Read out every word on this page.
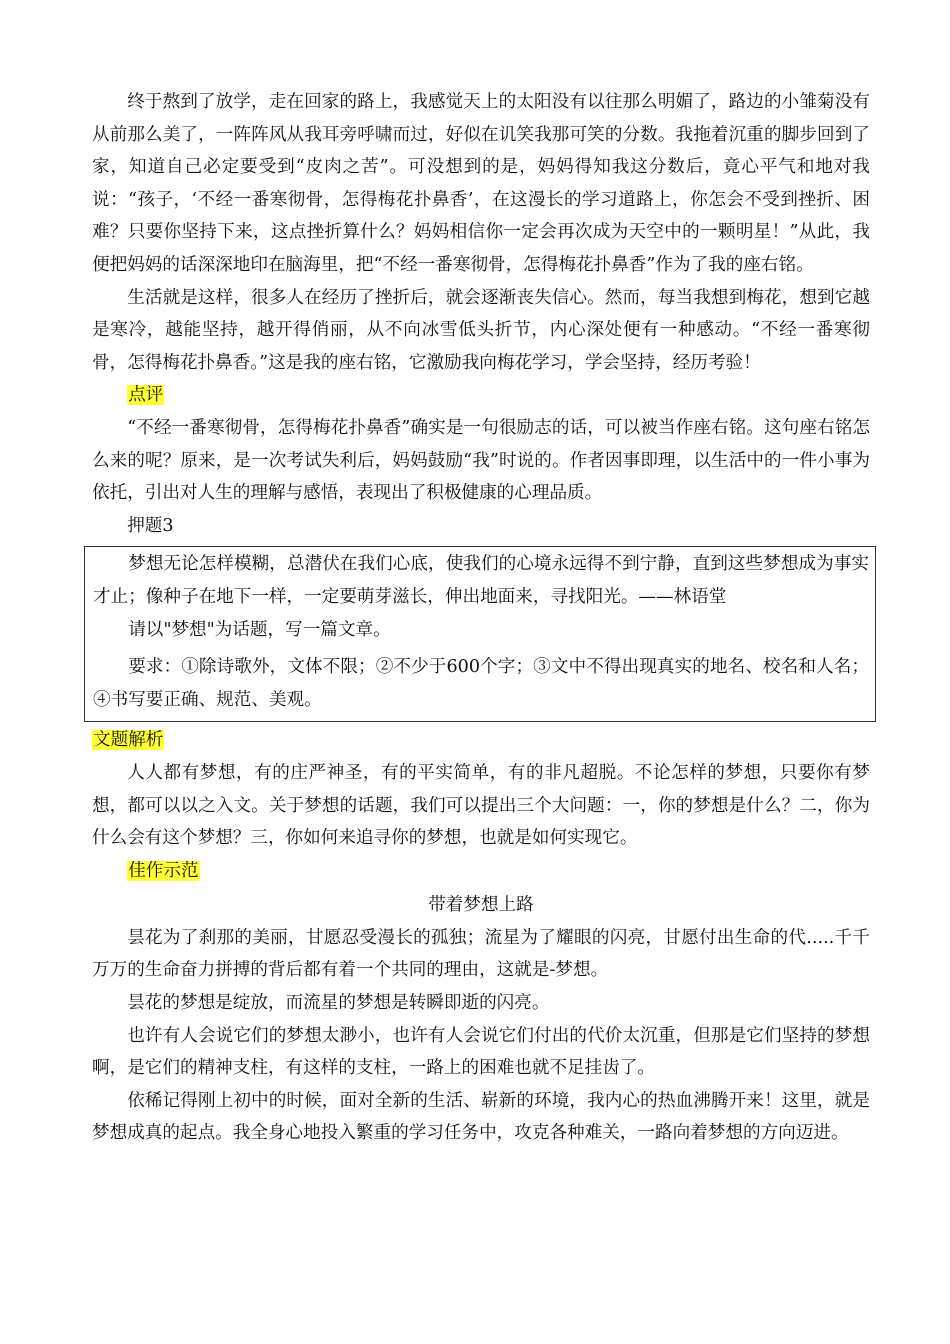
终于熬到了放学，走在回家的路上，我感觉天上的太阳没有以往那么明媚了，路边的小雏菊没有从前那么美了，一阵阵风从我耳旁呼啸而过，好似在讥笑我那可笑的分数。我拖着沉重的脚步回到了家，知道自己必定要受到“皮肉之苦”。可没想到的是，妈妈得知我这分数后，竟心平气和地对我说：“孩子，‘不经一番寒彻骨，怎得梅花扑鼻香’，在这漫长的学习道路上，你怎会不受到挫折、困难？只要你坚持下来，这点挫折算什么？妈妈相信你一定会再次成为天空中的一颗明星！”从此，我便把妈妈的话深深地印在脑海里，把“不经一番寒彻骨，怎得梅花扑鼻香”作为了我的座右铭。

生活就是这样，很多人在经历了挫折后，就会逐渐丧失信心。然而，每当我想到梅花，想到它越是寒冷，越能坚持，越开得俏丽，从不向冰雪低头折节，内心深处便有一种感动。“不经一番寒彻骨，怎得梅花扑鼻香。”这是我的座右铭，它激励我向梅花学习，学会坚持，经历考验！

点评

“不经一番寒彻骨，怎得梅花扑鼻香”确实是一句很励志的话，可以被当作座右铭。这句座右铭怎么来的呢？原来，是一次考试失利后，妈妈鼓励“我”时说的。作者因事即理，以生活中的一件小事为依托，引出对人生的理解与感悟，表现出了积极健康的心理品质。

押题3

梦想无论怎样模糊，总潜伏在我们心底，使我们的心境永远得不到宁静，直到这些梦想成为事实才止；像种子在地下一样，一定要萌芽滋长，伸出地面来，寻找阳光。——林语堂

请以"梦想"为话题，写一篇文章。

要求：①除诗歌外，文体不限；②不少于600个字；③文中不得出现真实的地名、校名和人名；④书写要正确、规范、美观。

文题解析

人人都有梦想，有的庄严神圣，有的平实简单，有的非凡超脱。不论怎样的梦想，只要你有梦想，都可以以之入文。关于梦想的话题，我们可以提出三个大问题：一，你的梦想是什么？二，你为什么会有这个梦想？三，你如何来追寻你的梦想，也就是如何实现它。

佳作示范

带着梦想上路

昙花为了刹那的美丽，甘愿忍受漫长的孤独；流星为了耀眼的闪亮，甘愿付出生命的代.....千千万万的生命奋力拼搏的背后都有着一个共同的理由，这就是-梦想。

昙花的梦想是绽放，而流星的梦想是转瞬即逝的闪亮。

也许有人会说它们的梦想太渺小，也许有人会说它们付出的代价太沉重，但那是它们坚持的梦想啊，是它们的精神支柱，有这样的支柱，一路上的困难也就不足挂齿了。

依稀记得刚上初中的时候，面对全新的生活、崭新的环境，我内心的热血沸腾开来！这里，就是梦想成真的起点。我全身心地投入繁重的学习任务中，攻克各种难关，一路向着梦想的方向迈进。
